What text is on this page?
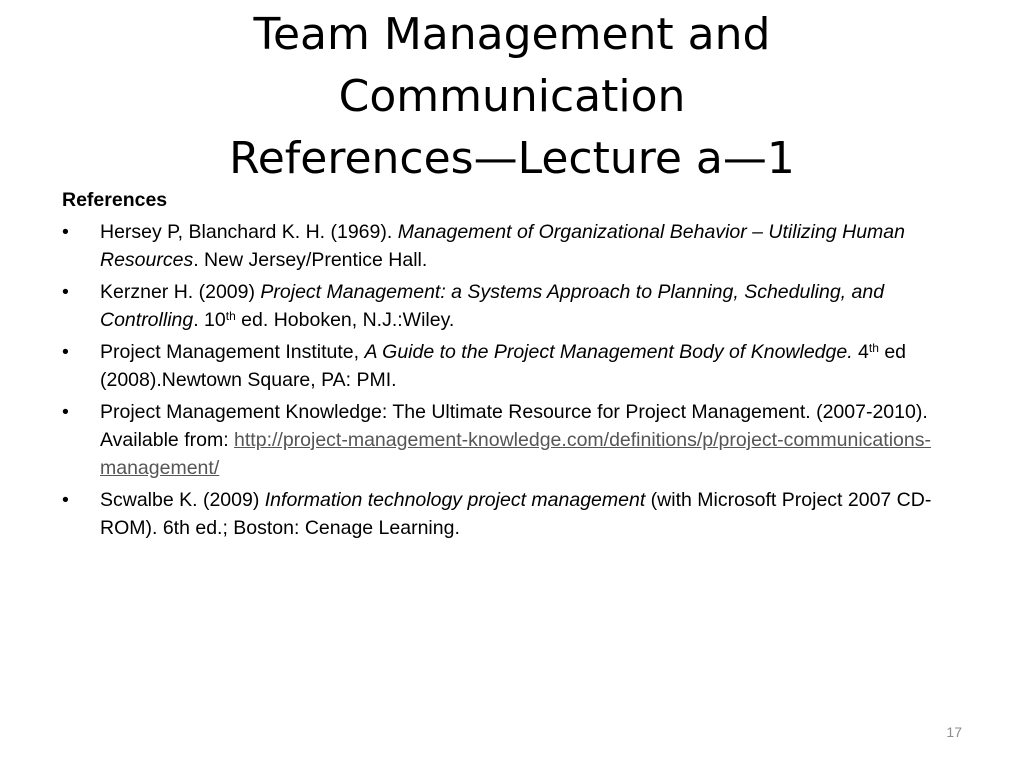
Team Management and
Communication
References—Lecture a—1
References
•	Hersey P, Blanchard K. H. (1969). Management of Organizational Behavior – Utilizing Human Resources. New Jersey/Prentice Hall.
•	Kerzner H. (2009) Project Management: a Systems Approach to Planning, Scheduling, and Controlling. 10th ed. Hoboken, N.J.:Wiley.
•	Project Management Institute, A Guide to the Project Management Body of Knowledge. 4th ed (2008).Newtown Square, PA: PMI.
•	Project Management Knowledge: The Ultimate Resource for Project Management. (2007-2010). Available from: http://project-management-knowledge.com/definitions/p/project-communications-management/
•	Scwalbe K. (2009) Information technology project management (with Microsoft Project 2007 CD-ROM). 6th ed.; Boston: Cenage Learning.
17
